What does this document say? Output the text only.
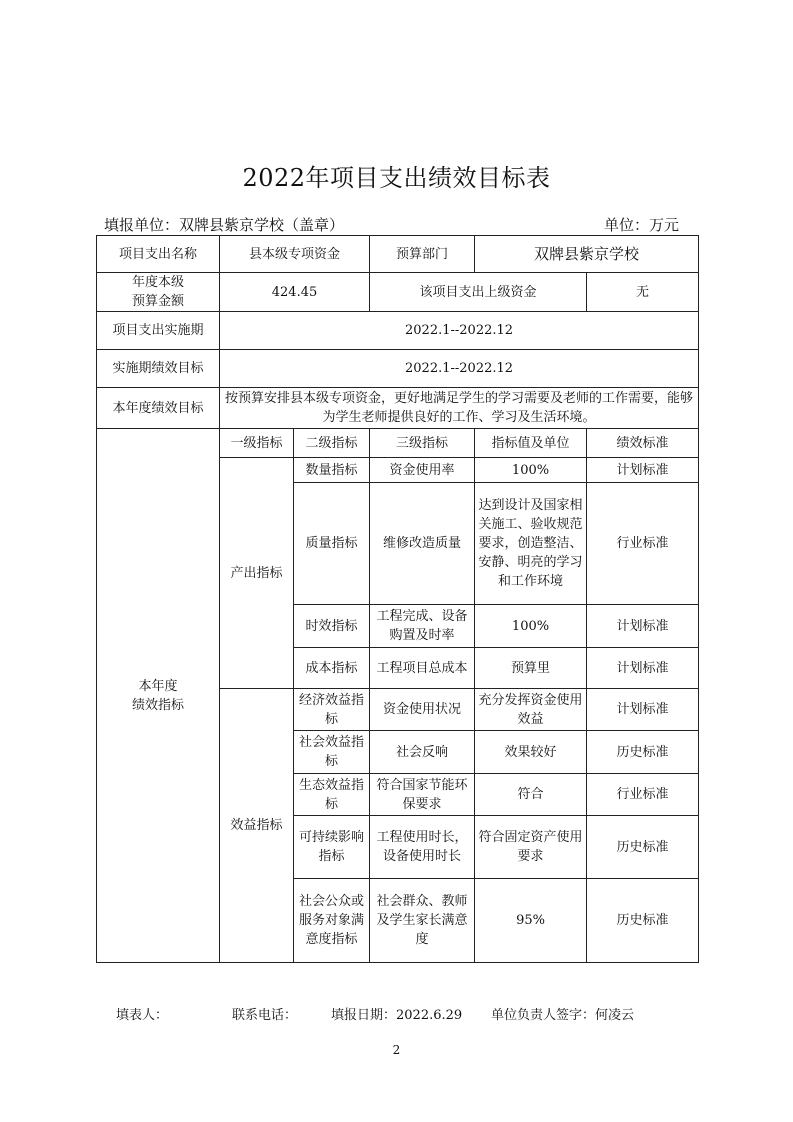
2022年项目支出绩效目标表
填报单位：双牌县紫京学校（盖章）	单位：万元
项目支出名称	县本级专项资金		预算部门	双牌县紫京学校	

年度本级
预算金额	424.45		该项目支出上级资金		无
项目支出实施期	2022.1--2022.12				
实施期绩效目标	2022.1--2022.12				
本年度绩效目标	按预算安排县本级专项资金，更好地满足学生的学习需要及老师的工作需要，能够为学生老师提供良好的工作、学习及生活环境。				

本年度
绩效指标	一级指标	二级指标	三级指标	指标值及单位	绩效标准
	产出指标	数量指标	资金使用率	100%	计划标准
		质量指标	维修改造质量	达到设计及国家相关施工、验收规范要求，创造整洁、安静、明亮的学习和工作环境	行业标准
		时效指标	工程完成、设备购置及时率	100%	计划标准
		成本指标	工程项目总成本	预算里	计划标准
	效益指标	经济效益指标	资金使用状况	充分发挥资金使用效益	计划标准
		社会效益指标	社会反响	效果较好	历史标准
		生态效益指标	符合国家节能环保要求	符合	行业标准
		可持续影响指标	工程使用时长，设备使用时长	符合固定资产使用要求	历史标准
		社会公众或服务对象满意度指标	社会群众、教师及学生家长满意度	95%	历史标准
填表人：	联系电话：	填报日期：2022.6.29 单位负责人签字：何凌云
2
